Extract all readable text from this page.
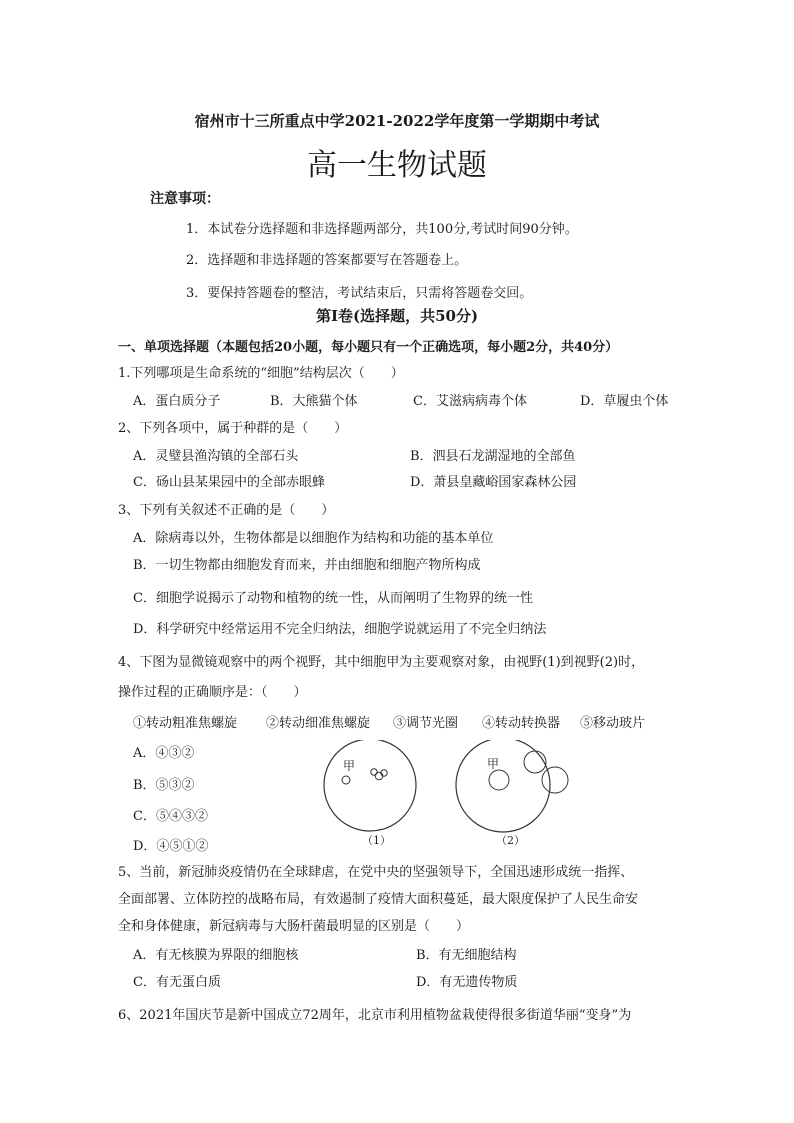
宿州市十三所重点中学2021-2022学年度第一学期期中考试
高一生物试题
注意事项：
1．本试卷分选择题和非选择题两部分，共100分,考试时间90分钟。
2．选择题和非选择题的答案都要写在答题卷上。
3．要保持答题卷的整洁，考试结束后，只需将答题卷交回。
第Ⅰ卷(选择题，共50分)
一、单项选择题（本题包括20小题，每小题只有一个正确选项，每小题2分，共40分）
1.下列哪项是生命系统的“细胞”结构层次（　　）
A．蛋白质分子	B．大熊猫个体	C．艾滋病病毒个体	D．草履虫个体
2、下列各项中，属于种群的是（　　）
A．灵璧县渔沟镇的全部石头	B．泗县石龙湖湿地的全部鱼
C．砀山县某果园中的全部赤眼蜂	D．萧县皇藏峪国家森林公园
3、下列有关叙述不正确的是（　　）
A．除病毒以外，生物体都是以细胞作为结构和功能的基本单位
B．一切生物都由细胞发育而来，并由细胞和细胞产物所构成
C．细胞学说揭示了动物和植物的统一性，从而阐明了生物界的统一性
D．科学研究中经常运用不完全归纳法，细胞学说就运用了不完全归纳法
4、下图为显微镜观察中的两个视野，其中细胞甲为主要观察对象，由视野(1)到视野(2)时，
操作过程的正确顺序是：（　　）
①转动粗准焦螺旋 ②转动细准焦螺旋 ③调节光圈 ④转动转换器 ⑤移动玻片
A．④③②
B．⑤③②
C．⑤④③②
D．④⑤①②
甲
（1）
甲
（2）
5、当前，新冠肺炎疫情仍在全球肆虐，在党中央的坚强领导下，全国迅速形成统一指挥、
全面部署、立体防控的战略布局，有效遏制了疫情大面积蔓延，最大限度保护了人民生命安
全和身体健康，新冠病毒与大肠杆菌最明显的区别是（　　）
A．有无核膜为界限的细胞核	B．有无细胞结构
C．有无蛋白质	D．有无遗传物质
6、2021年国庆节是新中国成立72周年，北京市利用植物盆栽使得很多街道华丽“变身”为
